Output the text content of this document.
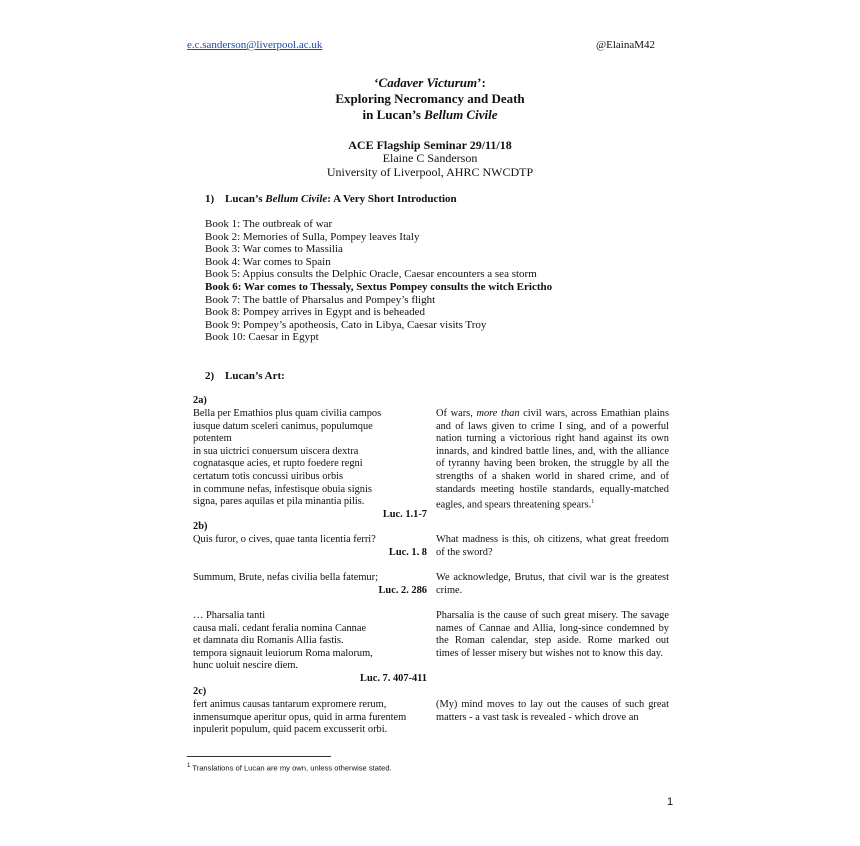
e.c.sanderson@liverpool.ac.uk	@ElainaM42
‘Cadaver Victurum’:
Exploring Necromancy and Death
in Lucan’s Bellum Civile
ACE Flagship Seminar 29/11/18
Elaine C Sanderson
University of Liverpool, AHRC NWCDTP
1) Lucan’s Bellum Civile: A Very Short Introduction
Book 1: The outbreak of war
Book 2: Memories of Sulla, Pompey leaves Italy
Book 3: War comes to Massilia
Book 4: War comes to Spain
Book 5: Appius consults the Delphic Oracle, Caesar encounters a sea storm
Book 6: War comes to Thessaly, Sextus Pompey consults the witch Erictho
Book 7: The battle of Pharsalus and Pompey’s flight
Book 8: Pompey arrives in Egypt and is beheaded
Book 9: Pompey’s apotheosis, Cato in Libya, Caesar visits Troy
Book 10: Caesar in Egypt
2) Lucan’s Art:
2a)
Bella per Emathios plus quam civilia campos
iusque datum sceleri canimus, populumque
potentem
in sua uictrici conuersum uiscera dextra
cognatasque acies, et rupto foedere regni
certatum totis concussi uiribus orbis
in commune nefas, infestisque obuia signis
signa, pares aquilas et pila minantia pilis.
Luc. 1.1-7
Of wars, more than civil wars, across Emathian plains and of laws given to crime I sing, and of a powerful nation turning a victorious right hand against its own innards, and kindred battle lines, and, with the alliance of tyranny having been broken, the struggle by all the strengths of a shaken world in shared crime, and of standards meeting hostile standards, equally-matched eagles, and spears threatening spears.$^1$
2b)
Quis furor, o cives, quae tanta licentia ferri?
Luc. 1. 8
What madness is this, oh citizens, what great freedom of the sword?
Summum, Brute, nefas civilia bella fatemur;
Luc. 2. 286
We acknowledge, Brutus, that civil war is the greatest crime.
… Pharsalia tanti
causa mali. cedant feralia nomina Cannae
et damnata diu Romanis Allia fastis.
tempora signauit leuiorum Roma malorum,
hunc uoluit nescire diem.
Luc. 7. 407-411
Pharsalia is the cause of such great misery. The savage names of Cannae and Allia, long-since condemned by the Roman calendar, step aside. Rome marked out times of lesser misery but wishes not to know this day.
2c)
fert animus causas tantarum expromere rerum,
inmensumque aperitur opus, quid in arma furentem
inpulerit populum, quid pacem excusserit orbi.
(My) mind moves to lay out the causes of such great matters - a vast task is revealed - which drove an
$^1$ Translations of Lucan are my own, unless otherwise stated.
1
